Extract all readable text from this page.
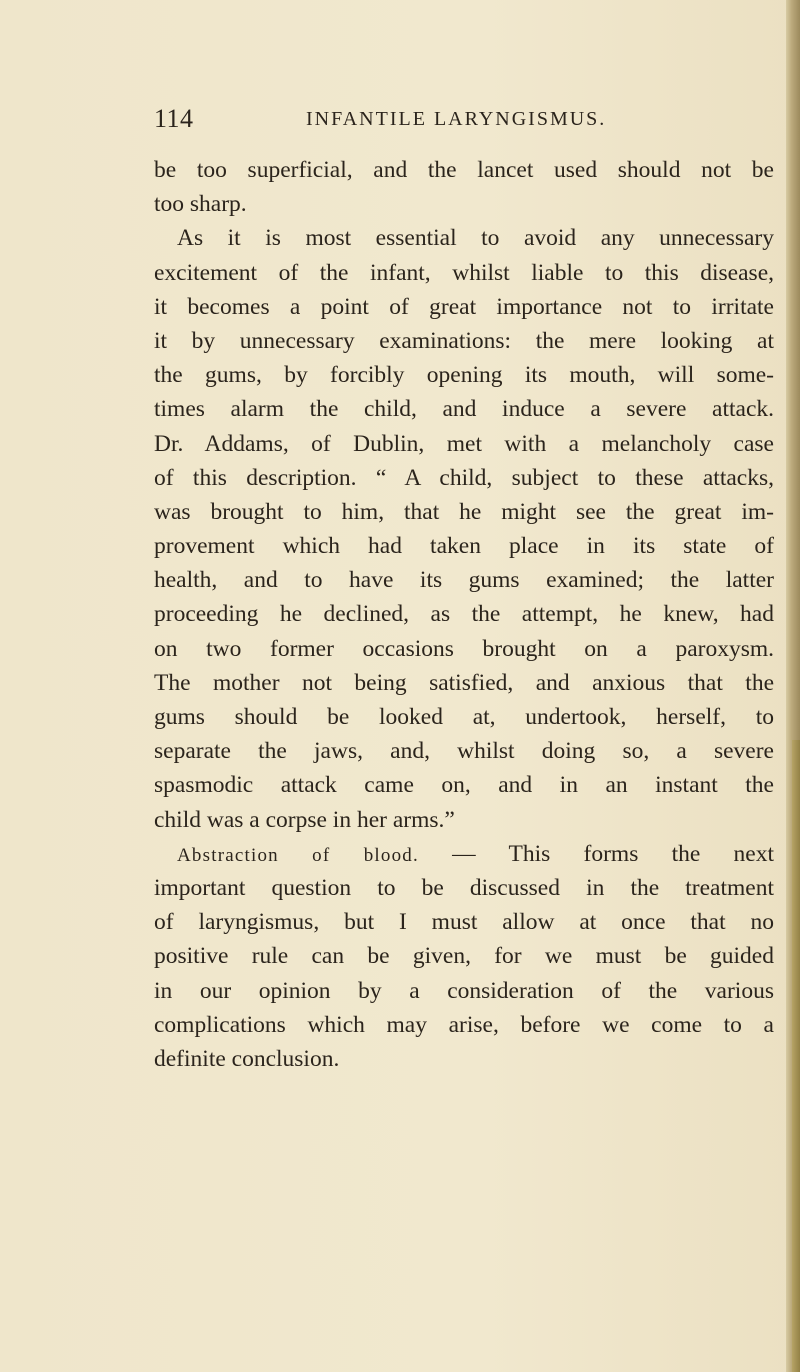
114	INFANTILE LARYNGISMUS.
be too superficial, and the lancet used should not be
too sharp.
As it is most essential to avoid any unnecessary
excitement of the infant, whilst liable to this disease,
it becomes a point of great importance not to irritate
it by unnecessary examinations: the mere looking at
the gums, by forcibly opening its mouth, will some-
times alarm the child, and induce a severe attack.
Dr. Addams, of Dublin, met with a melancholy case
of this description. “ A child, subject to these attacks,
was brought to him, that he might see the great im-
provement which had taken place in its state of
health, and to have its gums examined; the latter
proceeding he declined, as the attempt, he knew, had
on two former occasions brought on a paroxysm.
The mother not being satisfied, and anxious that the
gums should be looked at, undertook, herself, to
separate the jaws, and, whilst doing so, a severe
spasmodic attack came on, and in an instant the
child was a corpse in her arms.”
Abstraction of blood. — This forms the next
important question to be discussed in the treatment
of laryngismus, but I must allow at once that no
positive rule can be given, for we must be guided
in our opinion by a consideration of the various
complications which may arise, before we come to a
definite conclusion.
